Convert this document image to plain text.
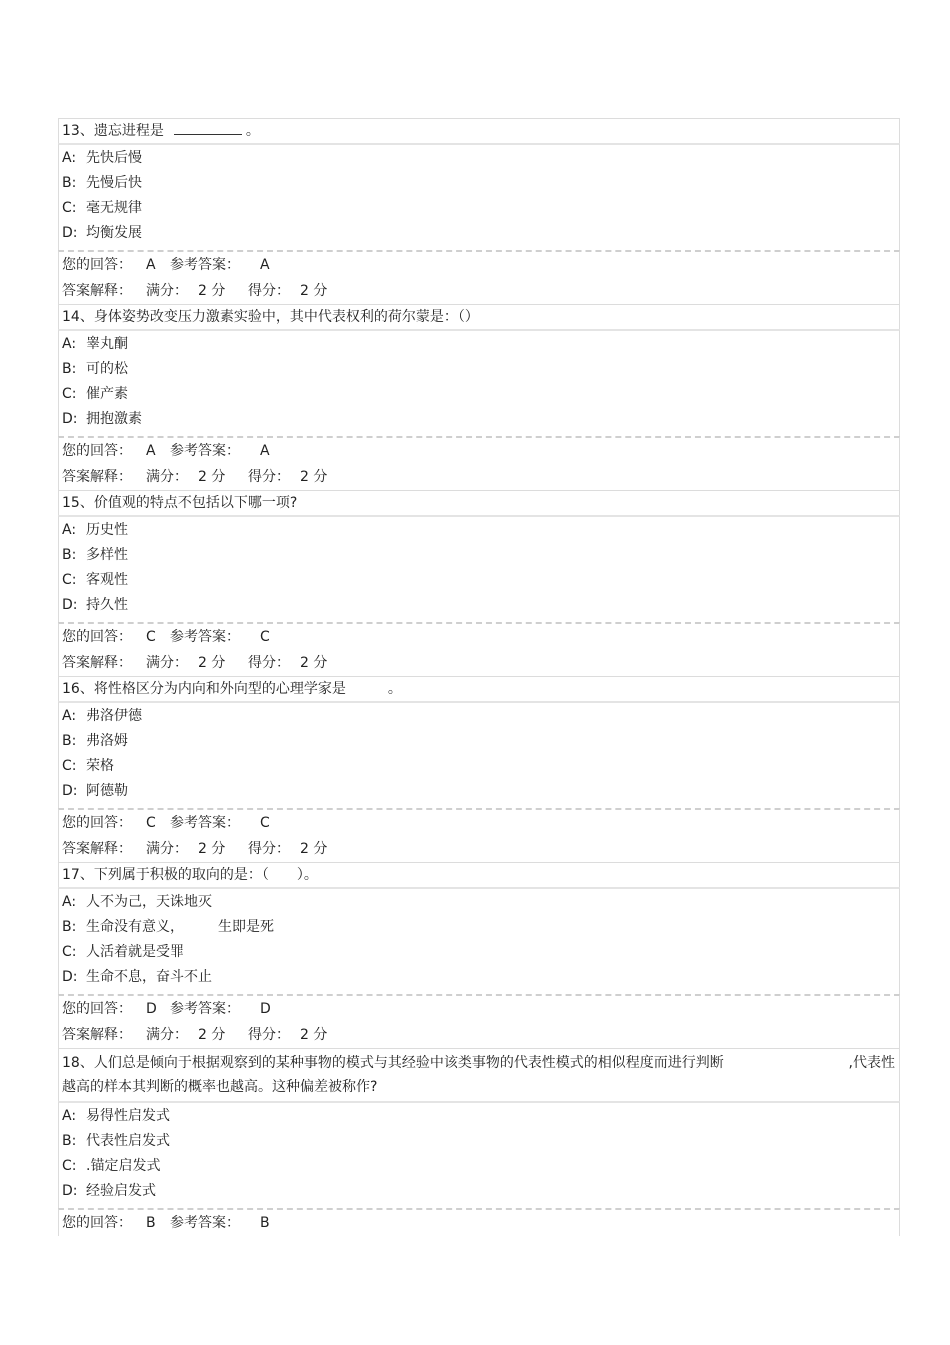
13、遗忘进程是	。
A: 先快后慢
B: 先慢后快
C: 毫无规律
D: 均衡发展
您的回答： A 参考答案： A
答案解释： 满分： 2 分 得分： 2 分
14、身体姿势改变压力激素实验中，其中代表权利的荷尔蒙是：（）
A: 睾丸酮
B: 可的松
C: 催产素
D: 拥抱激素
您的回答： A 参考答案： A
答案解释： 满分： 2 分 得分： 2 分
15、价值观的特点不包括以下哪一项?
A: 历史性
B: 多样性
C: 客观性
D: 持久性
您的回答： C 参考答案： C
答案解释： 满分： 2 分 得分： 2 分
16、将性格区分为内向和外向型的心理学家是	。
A: 弗洛伊德
B: 弗洛姆
C: 荣格
D: 阿德勒
您的回答： C 参考答案： C
答案解释： 满分： 2 分 得分： 2 分
17、下列属于积极的取向的是：（　　）。
A: 人不为己，天诛地灭
B: 生命没有意义， 生即是死
C: 人活着就是受罪
D: 生命不息，奋斗不止
您的回答： D 参考答案： D
答案解释： 满分： 2 分 得分： 2 分
18、人们总是倾向于根据观察到的某种事物的模式与其经验中该类事物的代表性模式的相似程度而进行判断	,代表性
越高的样本其判断的概率也越高。这种偏差被称作?
A: 易得性启发式
B: 代表性启发式
C: .锚定启发式
D: 经验启发式
您的回答： B 参考答案： B
